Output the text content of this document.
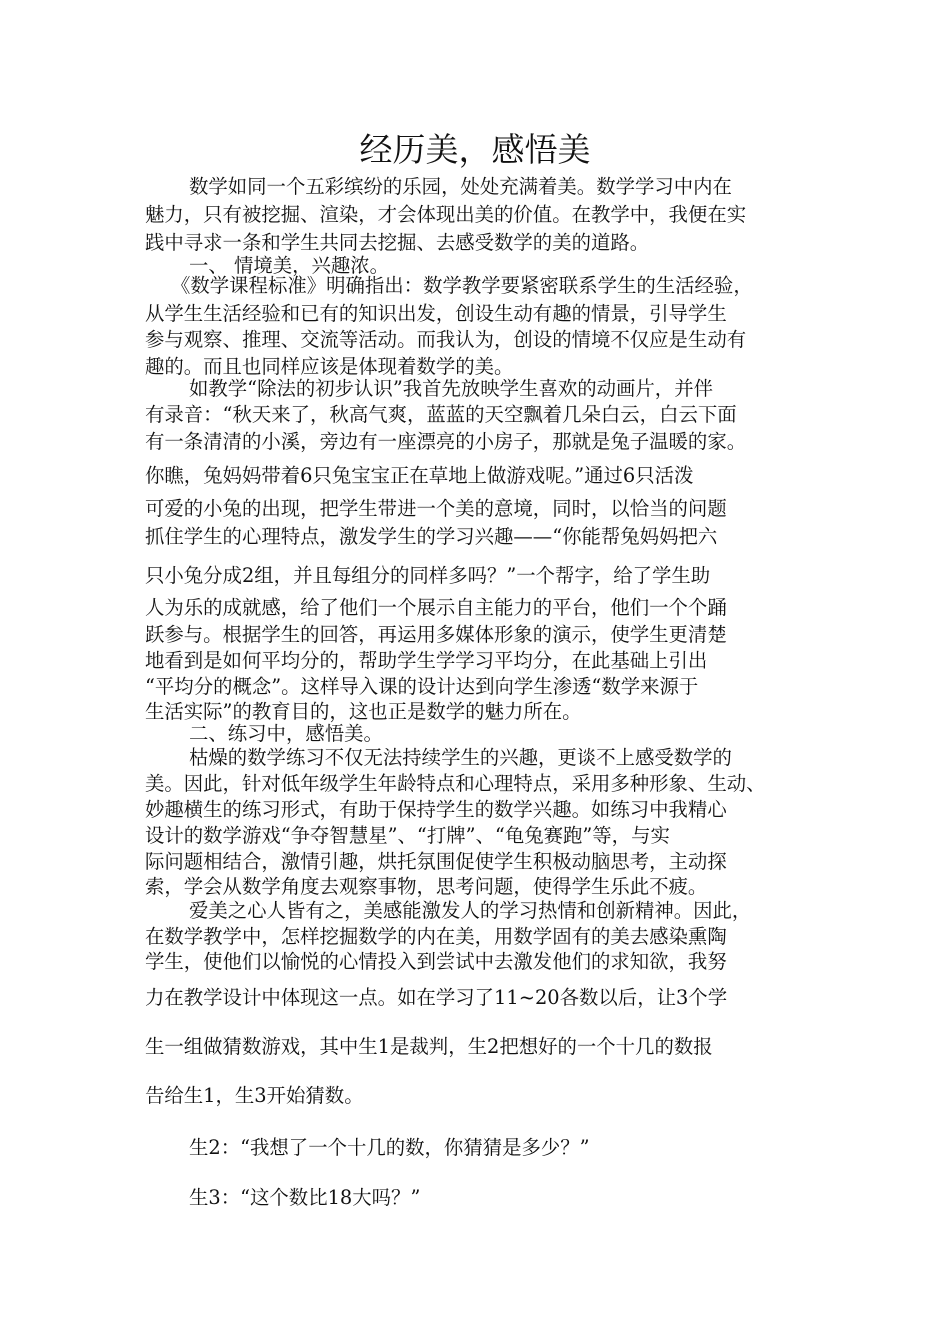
经历美，感悟美
数学如同一个五彩缤纷的乐园，处处充满着美。数学学习中内在
魅力，只有被挖掘、渲染，才会体现出美的价值。在教学中，我便在实
践中寻求一条和学生共同去挖掘、去感受数学的美的道路。
一、 情境美，兴趣浓。
《数学课程标准》明确指出：数学教学要紧密联系学生的生活经验，
从学生生活经验和已有的知识出发，创设生动有趣的情景，引导学生
参与观察、推理、交流等活动。而我认为，创设的情境不仅应是生动有
趣的。而且也同样应该是体现着数学的美。
如教学“除法的初步认识”我首先放映学生喜欢的动画片，并伴
有录音：“秋天来了，秋高气爽，蓝蓝的天空飘着几朵白云，白云下面
有一条清清的小溪，旁边有一座漂亮的小房子，那就是兔子温暖的家。
你瞧，兔妈妈带着6只兔宝宝正在草地上做游戏呢。”通过6只活泼
可爱的小兔的出现，把学生带进一个美的意境，同时，以恰当的问题
抓住学生的心理特点，激发学生的学习兴趣——“你能帮兔妈妈把六
只小兔分成2组，并且每组分的同样多吗？”一个帮字，给了学生助
人为乐的成就感，给了他们一个展示自主能力的平台，他们一个个踊
跃参与。根据学生的回答，再运用多媒体形象的演示，使学生更清楚
地看到是如何平均分的，帮助学生学学习平均分，在此基础上引出
“平均分的概念”。这样导入课的设计达到向学生渗透“数学来源于
生活实际”的教育目的，这也正是数学的魅力所在。
二、练习中，感悟美。
枯燥的数学练习不仅无法持续学生的兴趣，更谈不上感受数学的
美。因此，针对低年级学生年龄特点和心理特点，采用多种形象、生动、
妙趣横生的练习形式，有助于保持学生的数学兴趣。如练习中我精心
设计的数学游戏“争夺智慧星”、“打牌”、“龟兔赛跑”等，与实
际问题相结合，激情引趣，烘托氛围促使学生积极动脑思考，主动探
索，学会从数学角度去观察事物，思考问题，使得学生乐此不疲。
爱美之心人皆有之，美感能激发人的学习热情和创新精神。因此，
在数学教学中，怎样挖掘数学的内在美，用数学固有的美去感染熏陶
学生，使他们以愉悦的心情投入到尝试中去激发他们的求知欲，我努
力在教学设计中体现这一点。如在学习了11~20各数以后，让3个学
生一组做猜数游戏，其中生1是裁判，生2把想好的一个十几的数报
告给生1，生3开始猜数。
生2：“我想了一个十几的数，你猜猜是多少？”
生3：“这个数比18大吗？”
